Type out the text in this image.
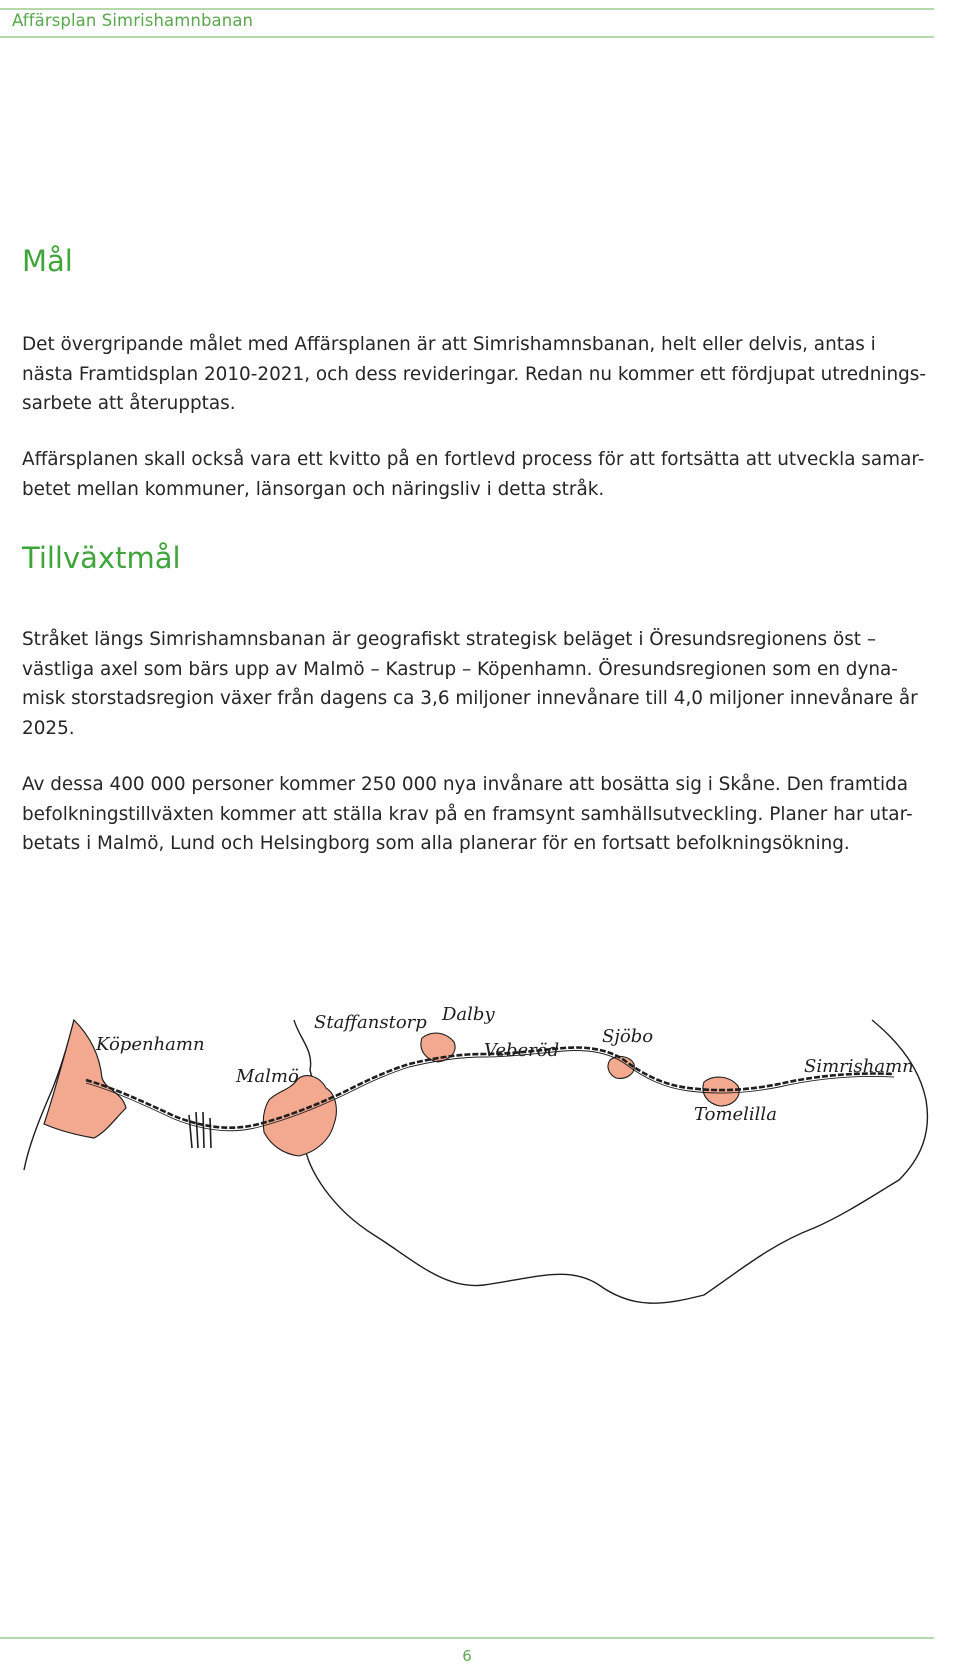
Affärsplan Simrishamnbanan
Mål
Det övergripande målet med Affärsplanen är att Simrishamnsbanan, helt eller delvis, antas i
nästa Framtidsplan 2010-2021, och dess revideringar. Redan nu kommer ett fördjupat utrednings-
sarbete att återupptas.
Affärsplanen skall också vara ett kvitto på en fortlevd process för att fortsätta att utveckla samar-
betet mellan kommuner, länsorgan och näringsliv i detta stråk.
Tillväxtmål
Stråket längs Simrishamnsbanan är geografiskt strategisk beläget i Öresundsregionens öst –
västliga axel som bärs upp av Malmö – Kastrup – Köpenhamn. Öresundsregionen som en dyna-
misk storstadsregion växer från dagens ca 3,6 miljoner innevånare till 4,0 miljoner innevånare år
2025.
Av dessa 400 000 personer kommer 250 000 nya invånare att bosätta sig i Skåne. Den framtida
befolkningstillväxten kommer att ställa krav på en framsynt samhällsutveckling. Planer har utar-
betats i Malmö, Lund och Helsingborg som alla planerar för en fortsatt befolkningsökning.
Köpenhamn
Malmö
Staffanstorp Dalby
Veberöd
Sjöbo
Tomelilla
Simrishamn
6
